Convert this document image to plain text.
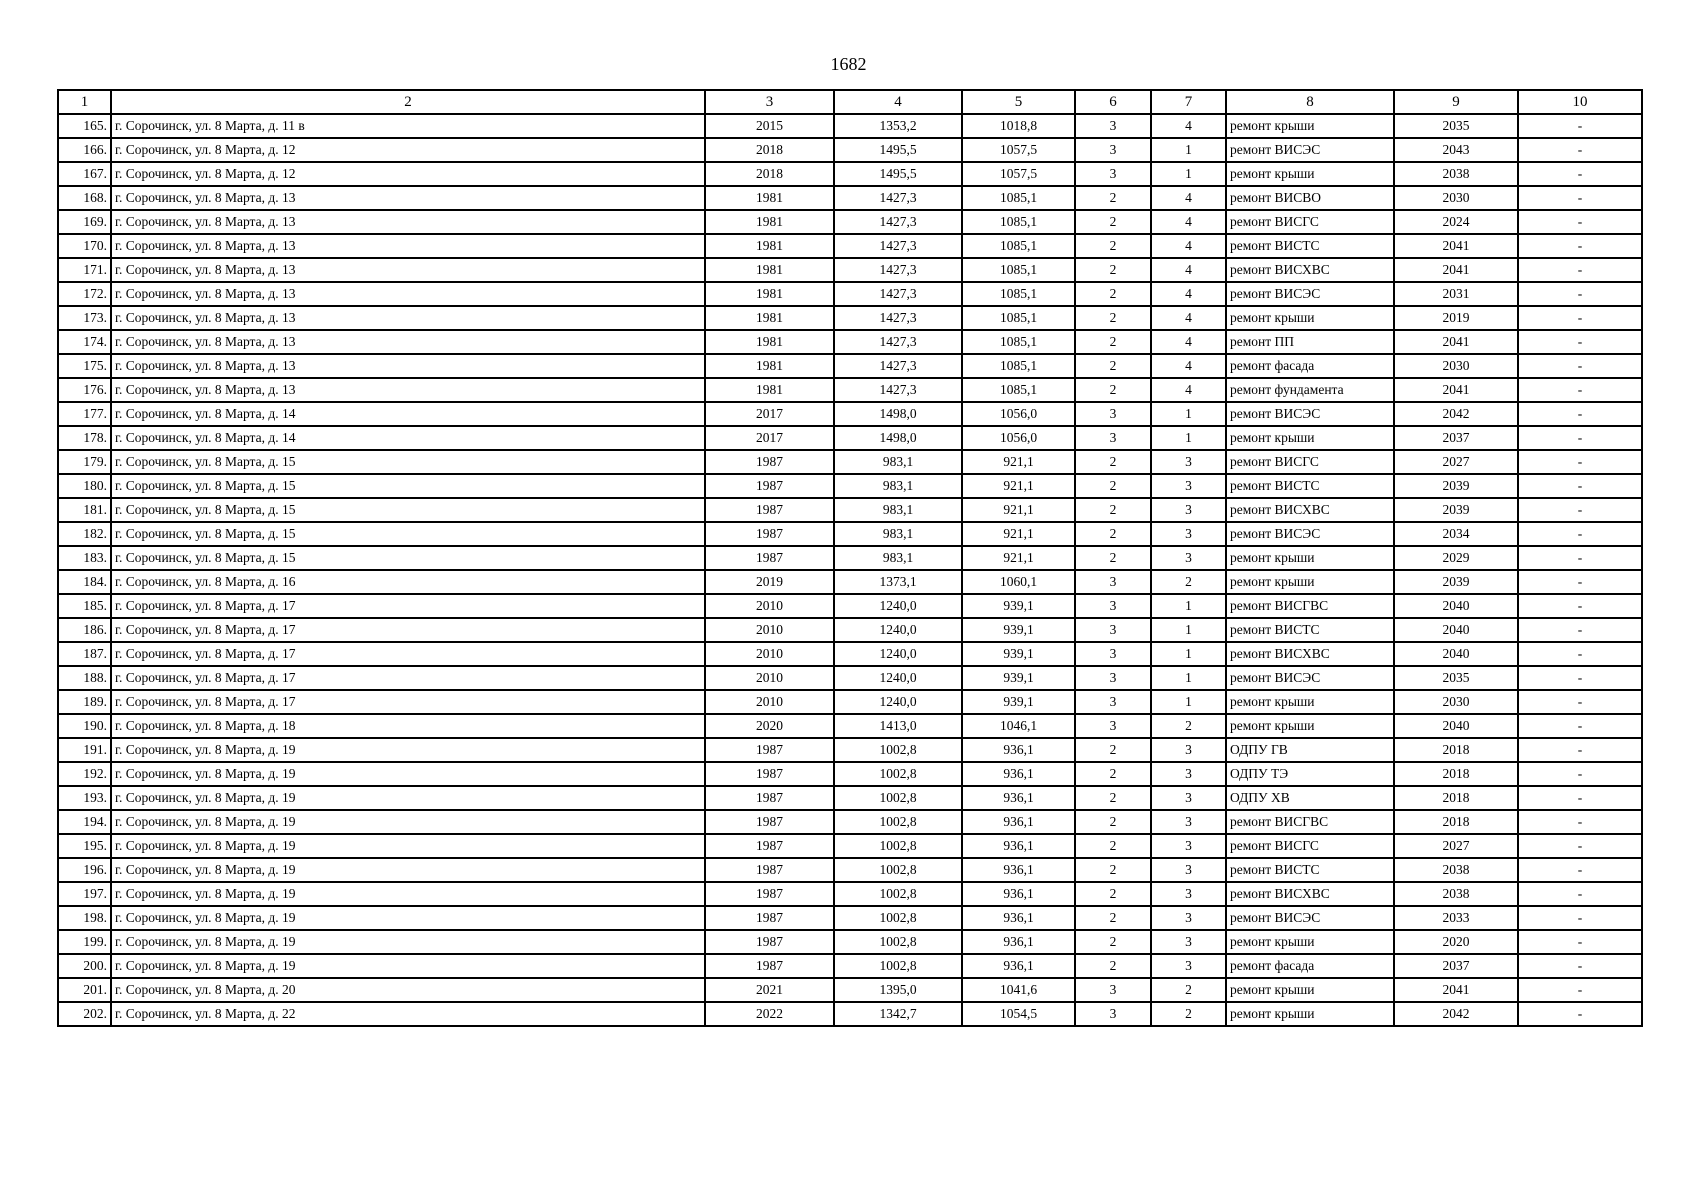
1682
1	2	3	4	5	6	7	8	9	10
165.	г. Сорочинск, ул. 8 Марта, д. 11 в	2015	1353,2	1018,8	3	4	ремонт крыши	2035	-
166.	г. Сорочинск, ул. 8 Марта, д. 12	2018	1495,5	1057,5	3	1	ремонт ВИСЭС	2043	-
167.	г. Сорочинск, ул. 8 Марта, д. 12	2018	1495,5	1057,5	3	1	ремонт крыши	2038	-
168.	г. Сорочинск, ул. 8 Марта, д. 13	1981	1427,3	1085,1	2	4	ремонт ВИСВО	2030	-
169.	г. Сорочинск, ул. 8 Марта, д. 13	1981	1427,3	1085,1	2	4	ремонт ВИСГС	2024	-
170.	г. Сорочинск, ул. 8 Марта, д. 13	1981	1427,3	1085,1	2	4	ремонт ВИСТС	2041	-
171.	г. Сорочинск, ул. 8 Марта, д. 13	1981	1427,3	1085,1	2	4	ремонт ВИСХВС	2041	-
172.	г. Сорочинск, ул. 8 Марта, д. 13	1981	1427,3	1085,1	2	4	ремонт ВИСЭС	2031	-
173.	г. Сорочинск, ул. 8 Марта, д. 13	1981	1427,3	1085,1	2	4	ремонт крыши	2019	-
174.	г. Сорочинск, ул. 8 Марта, д. 13	1981	1427,3	1085,1	2	4	ремонт ПП	2041	-
175.	г. Сорочинск, ул. 8 Марта, д. 13	1981	1427,3	1085,1	2	4	ремонт фасада	2030	-
176.	г. Сорочинск, ул. 8 Марта, д. 13	1981	1427,3	1085,1	2	4	ремонт фундамента	2041	-
177.	г. Сорочинск, ул. 8 Марта, д. 14	2017	1498,0	1056,0	3	1	ремонт ВИСЭС	2042	-
178.	г. Сорочинск, ул. 8 Марта, д. 14	2017	1498,0	1056,0	3	1	ремонт крыши	2037	-
179.	г. Сорочинск, ул. 8 Марта, д. 15	1987	983,1	921,1	2	3	ремонт ВИСГС	2027	-
180.	г. Сорочинск, ул. 8 Марта, д. 15	1987	983,1	921,1	2	3	ремонт ВИСТС	2039	-
181.	г. Сорочинск, ул. 8 Марта, д. 15	1987	983,1	921,1	2	3	ремонт ВИСХВС	2039	-
182.	г. Сорочинск, ул. 8 Марта, д. 15	1987	983,1	921,1	2	3	ремонт ВИСЭС	2034	-
183.	г. Сорочинск, ул. 8 Марта, д. 15	1987	983,1	921,1	2	3	ремонт крыши	2029	-
184.	г. Сорочинск, ул. 8 Марта, д. 16	2019	1373,1	1060,1	3	2	ремонт крыши	2039	-
185.	г. Сорочинск, ул. 8 Марта, д. 17	2010	1240,0	939,1	3	1	ремонт ВИСГВС	2040	-
186.	г. Сорочинск, ул. 8 Марта, д. 17	2010	1240,0	939,1	3	1	ремонт ВИСТС	2040	-
187.	г. Сорочинск, ул. 8 Марта, д. 17	2010	1240,0	939,1	3	1	ремонт ВИСХВС	2040	-
188.	г. Сорочинск, ул. 8 Марта, д. 17	2010	1240,0	939,1	3	1	ремонт ВИСЭС	2035	-
189.	г. Сорочинск, ул. 8 Марта, д. 17	2010	1240,0	939,1	3	1	ремонт крыши	2030	-
190.	г. Сорочинск, ул. 8 Марта, д. 18	2020	1413,0	1046,1	3	2	ремонт крыши	2040	-
191.	г. Сорочинск, ул. 8 Марта, д. 19	1987	1002,8	936,1	2	3	ОДПУ ГВ	2018	-
192.	г. Сорочинск, ул. 8 Марта, д. 19	1987	1002,8	936,1	2	3	ОДПУ ТЭ	2018	-
193.	г. Сорочинск, ул. 8 Марта, д. 19	1987	1002,8	936,1	2	3	ОДПУ ХВ	2018	-
194.	г. Сорочинск, ул. 8 Марта, д. 19	1987	1002,8	936,1	2	3	ремонт ВИСГВС	2018	-
195.	г. Сорочинск, ул. 8 Марта, д. 19	1987	1002,8	936,1	2	3	ремонт ВИСГС	2027	-
196.	г. Сорочинск, ул. 8 Марта, д. 19	1987	1002,8	936,1	2	3	ремонт ВИСТС	2038	-
197.	г. Сорочинск, ул. 8 Марта, д. 19	1987	1002,8	936,1	2	3	ремонт ВИСХВС	2038	-
198.	г. Сорочинск, ул. 8 Марта, д. 19	1987	1002,8	936,1	2	3	ремонт ВИСЭС	2033	-
199.	г. Сорочинск, ул. 8 Марта, д. 19	1987	1002,8	936,1	2	3	ремонт крыши	2020	-
200.	г. Сорочинск, ул. 8 Марта, д. 19	1987	1002,8	936,1	2	3	ремонт фасада	2037	-
201.	г. Сорочинск, ул. 8 Марта, д. 20	2021	1395,0	1041,6	3	2	ремонт крыши	2041	-
202.	г. Сорочинск, ул. 8 Марта, д. 22	2022	1342,7	1054,5	3	2	ремонт крыши	2042	-
